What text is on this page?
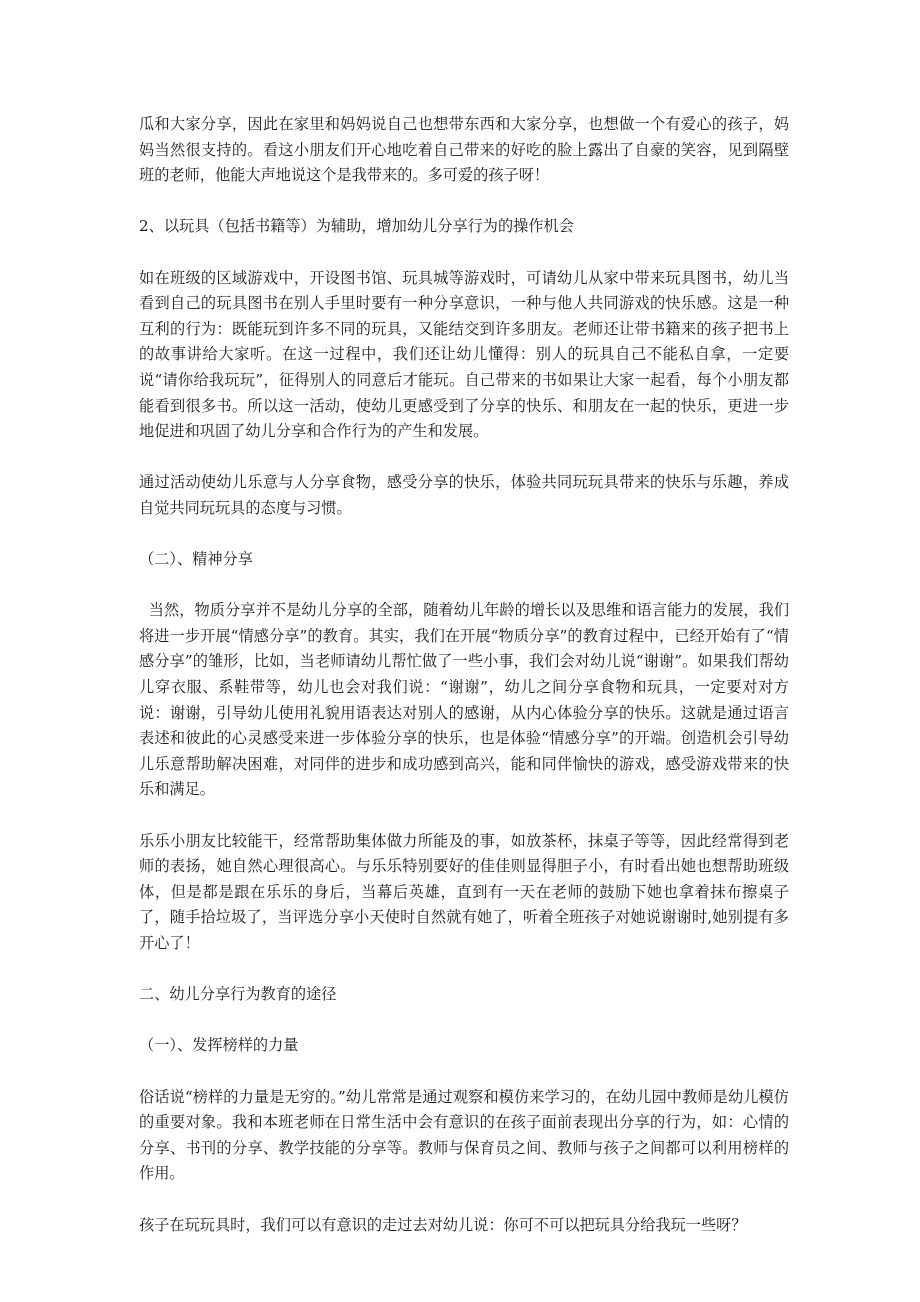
瓜和大家分享，因此在家里和妈妈说自己也想带东西和大家分享，也想做一个有爱心的孩子，妈妈当然很支持的。看这小朋友们开心地吃着自己带来的好吃的脸上露出了自豪的笑容，见到隔壁班的老师，他能大声地说这个是我带来的。多可爱的孩子呀！

2、以玩具（包括书籍等）为辅助，增加幼儿分享行为的操作机会

如在班级的区域游戏中，开设图书馆、玩具城等游戏时，可请幼儿从家中带来玩具图书，幼儿当看到自己的玩具图书在别人手里时要有一种分享意识，一种与他人共同游戏的快乐感。这是一种互利的行为：既能玩到许多不同的玩具，又能结交到许多朋友。老师还让带书籍来的孩子把书上的故事讲给大家听。在这一过程中，我们还让幼儿懂得：别人的玩具自己不能私自拿，一定要说“请你给我玩玩”，征得别人的同意后才能玩。自己带来的书如果让大家一起看，每个小朋友都能看到很多书。所以这一活动，使幼儿更感受到了分享的快乐、和朋友在一起的快乐，更进一步地促进和巩固了幼儿分享和合作行为的产生和发展。

通过活动使幼儿乐意与人分享食物，感受分享的快乐，体验共同玩玩具带来的快乐与乐趣，养成自觉共同玩玩具的态度与习惯。

（二）、精神分享

当然，物质分享并不是幼儿分享的全部，随着幼儿年龄的增长以及思维和语言能力的发展，我们将进一步开展“情感分享”的教育。其实，我们在开展“物质分享”的教育过程中，已经开始有了“情感分享”的雏形，比如，当老师请幼儿帮忙做了一些小事，我们会对幼儿说“谢谢”。如果我们帮幼儿穿衣服、系鞋带等，幼儿也会对我们说：“谢谢”，幼儿之间分享食物和玩具，一定要对对方说：谢谢，引导幼儿使用礼貌用语表达对别人的感谢，从内心体验分享的快乐。这就是通过语言表述和彼此的心灵感受来进一步体验分享的快乐，也是体验“情感分享”的开端。创造机会引导幼儿乐意帮助解决困难，对同伴的进步和成功感到高兴，能和同伴愉快的游戏，感受游戏带来的快乐和满足。

乐乐小朋友比较能干，经常帮助集体做力所能及的事，如放茶杯，抹桌子等等，因此经常得到老师的表扬，她自然心理很高心。与乐乐特别要好的佳佳则显得胆子小，有时看出她也想帮助班级体，但是都是跟在乐乐的身后，当幕后英雄，直到有一天在老师的鼓励下她也拿着抹布擦桌子了，随手拾垃圾了，当评选分享小天使时自然就有她了，听着全班孩子对她说谢谢时,她别提有多开心了！

二、幼儿分享行为教育的途径

（一）、发挥榜样的力量

俗话说“榜样的力量是无穷的。”幼儿常常是通过观察和模仿来学习的，在幼儿园中教师是幼儿模仿的重要对象。我和本班老师在日常生活中会有意识的在孩子面前表现出分享的行为，如：心情的分享、书刊的分享、教学技能的分享等。教师与保育员之间、教师与孩子之间都可以利用榜样的作用。

孩子在玩玩具时，我们可以有意识的走过去对幼儿说：你可不可以把玩具分给我玩一些呀？
